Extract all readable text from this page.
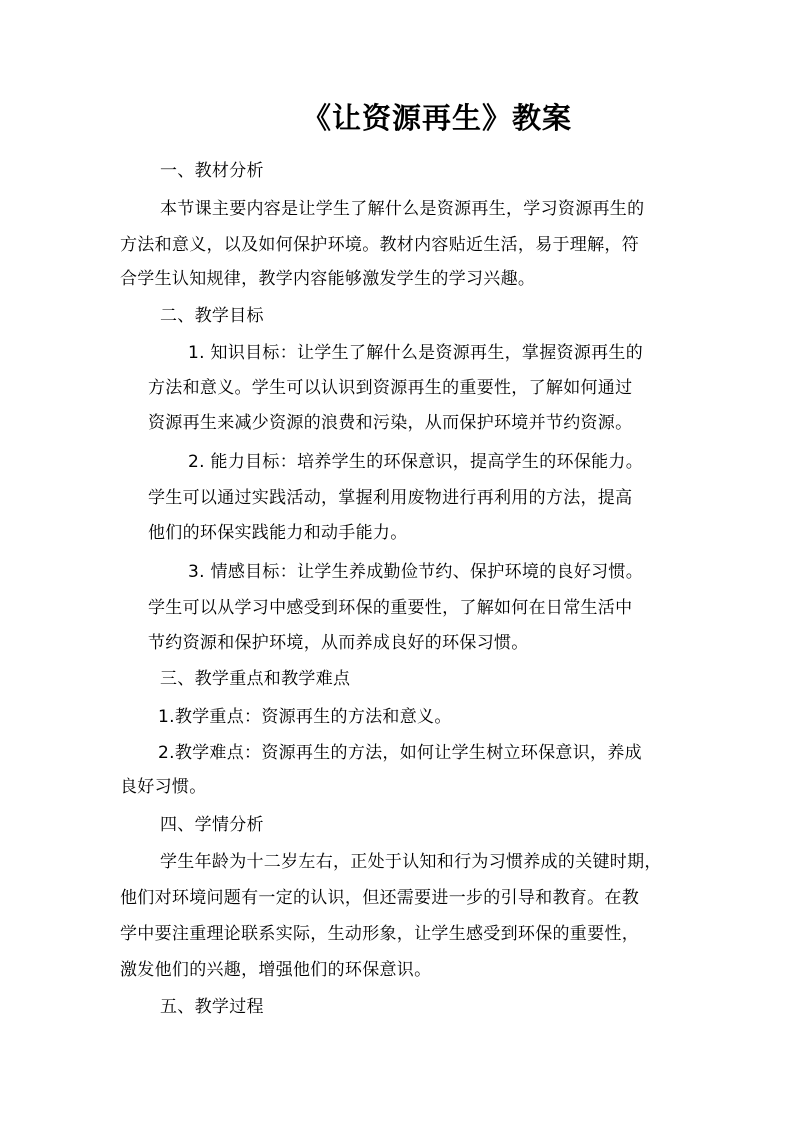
《让资源再生》教案
一、教材分析
本节课主要内容是让学生了解什么是资源再生，学习资源再生的
方法和意义，以及如何保护环境。教材内容贴近生活，易于理解，符
合学生认知规律，教学内容能够激发学生的学习兴趣。
二、教学目标
1. 知识目标：让学生了解什么是资源再生，掌握资源再生的
方法和意义。学生可以认识到资源再生的重要性，了解如何通过
资源再生来减少资源的浪费和污染，从而保护环境并节约资源。
2. 能力目标：培养学生的环保意识，提高学生的环保能力。
学生可以通过实践活动，掌握利用废物进行再利用的方法，提高
他们的环保实践能力和动手能力。
3. 情感目标：让学生养成勤俭节约、保护环境的良好习惯。
学生可以从学习中感受到环保的重要性，了解如何在日常生活中
节约资源和保护环境，从而养成良好的环保习惯。
三、教学重点和教学难点
1.教学重点：资源再生的方法和意义。
2.教学难点：资源再生的方法，如何让学生树立环保意识，养成
良好习惯。
四、学情分析
学生年龄为十二岁左右，正处于认知和行为习惯养成的关键时期，
他们对环境问题有一定的认识，但还需要进一步的引导和教育。在教
学中要注重理论联系实际，生动形象，让学生感受到环保的重要性，
激发他们的兴趣，增强他们的环保意识。
五、教学过程
